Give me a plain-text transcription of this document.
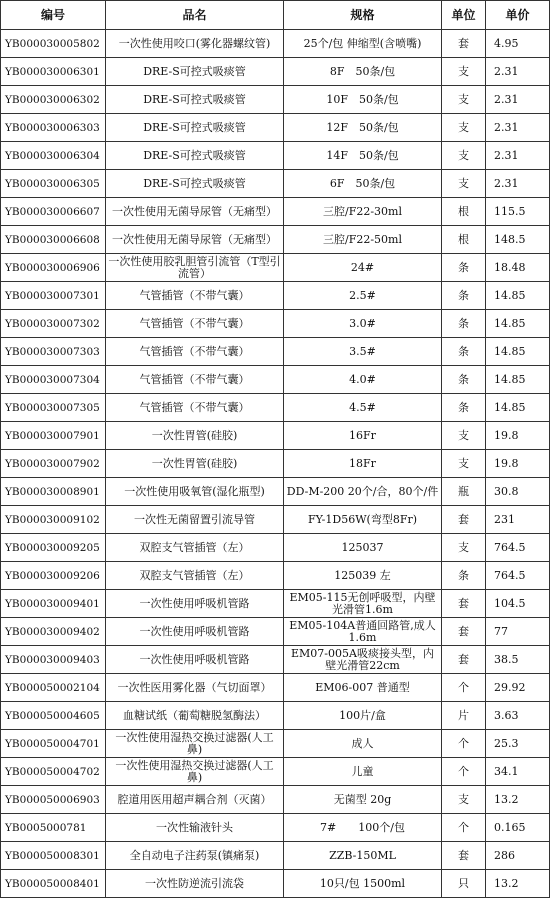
编号	品名	规格	单位	单价
YB000030005802	一次性使用咬口(雾化器螺纹管)	25个/包 伸缩型(含喷嘴)	套	4.95
YB000030006301	DRE-S可控式吸痰管	8F　50条/包	支	2.31
YB000030006302	DRE-S可控式吸痰管	10F　50条/包	支	2.31
YB000030006303	DRE-S可控式吸痰管	12F　50条/包	支	2.31
YB000030006304	DRE-S可控式吸痰管	14F　50条/包	支	2.31
YB000030006305	DRE-S可控式吸痰管	6F　50条/包	支	2.31
YB000030006607	一次性使用无菌导尿管（无痛型）	三腔/F22-30ml	根	115.5
YB000030006608	一次性使用无菌导尿管（无痛型）	三腔/F22-50ml	根	148.5
YB000030006906	一次性使用胶乳胆管引流管（T型引流管）	24#	条	18.48
YB000030007301	气管插管（不带气囊）	2.5#	条	14.85
YB000030007302	气管插管（不带气囊）	3.0#	条	14.85
YB000030007303	气管插管（不带气囊）	3.5#	条	14.85
YB000030007304	气管插管（不带气囊）	4.0#	条	14.85
YB000030007305	气管插管（不带气囊）	4.5#	条	14.85
YB000030007901	一次性胃管(硅胶)	16Fr	支	19.8
YB000030007902	一次性胃管(硅胶)	18Fr	支	19.8
YB000030008901	一次性使用吸氧管(湿化瓶型)	DD-M-200 20个/合，80个/件	瓶	30.8
YB000030009102	一次性无菌留置引流导管	FY-1D56W(弯型8Fr)	套	231
YB000030009205	双腔支气管插管（左）	125037	支	764.5
YB000030009206	双腔支气管插管（左）	125039 左	条	764.5
YB000030009401	一次性使用呼吸机管路	EM05-115无创呼吸型，内壁光滑管1.6m	套	104.5
YB000030009402	一次性使用呼吸机管路	EM05-104A普通回路管,成人 1.6m	套	77
YB000030009403	一次性使用呼吸机管路	EM07-005A吸痰接头型，内壁光滑管22cm	套	38.5
YB000050002104	一次性医用雾化器（气切面罩）	EM06-007 普通型	个	29.92
YB000050004605	血糖试纸（葡萄糖脱氢酶法）	100片/盒	片	3.63
YB000050004701	一次性使用湿热交换过滤器(人工鼻)	成人	个	25.3
YB000050004702	一次性使用湿热交换过滤器(人工鼻)	儿童	个	34.1
YB000050006903	腔道用医用超声耦合剂（灭菌）	无菌型 20g	支	13.2
YB0005000781	一次性输液针头	7#　　100个/包	个	0.165
YB000050008301	全自动电子注药泵(镇痛泵)	ZZB-150ML	套	286
YB000050008401	一次性防逆流引流袋	10只/包 1500ml	只	13.2
